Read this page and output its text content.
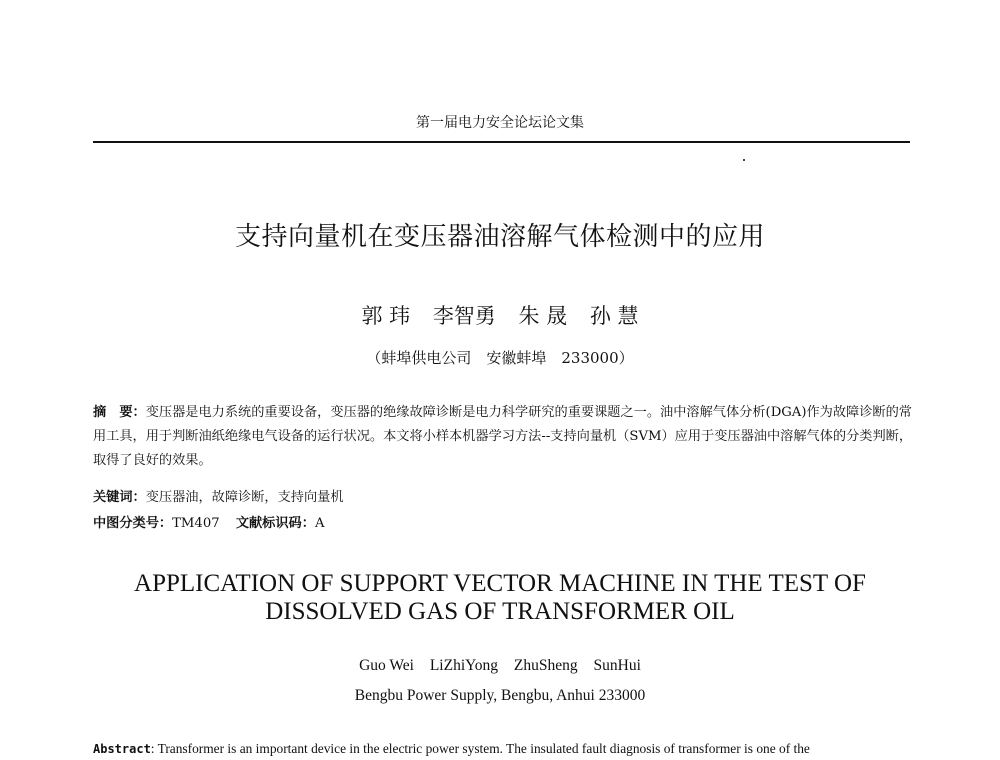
第一届电力安全论坛论文集
支持向量机在变压器油溶解气体检测中的应用
郭 玮 李智勇 朱 晟 孙 慧
（蚌埠供电公司　安徽蚌埠　233000）
摘　要：变压器是电力系统的重要设备，变压器的绝缘故障诊断是电力科学研究的重要课题之一。油中溶解气体分析(DGA)作为故障诊断的常用工具，用于判断油纸绝缘电气设备的运行状况。本文将小样本机器学习方法--支持向量机（SVM）应用于变压器油中溶解气体的分类判断，取得了良好的效果。
关键词：变压器油，故障诊断，支持向量机
中图分类号：TM407 文献标识码：A
APPLICATION OF SUPPORT VECTOR MACHINE IN THE TEST OF
DISSOLVED GAS OF TRANSFORMER OIL
Guo Wei LiZhiYong ZhuSheng SunHui
Bengbu Power Supply, Bengbu, Anhui 233000
Abstract: Transformer is an important device in the electric power system. The insulated fault diagnosis of transformer is one of the
